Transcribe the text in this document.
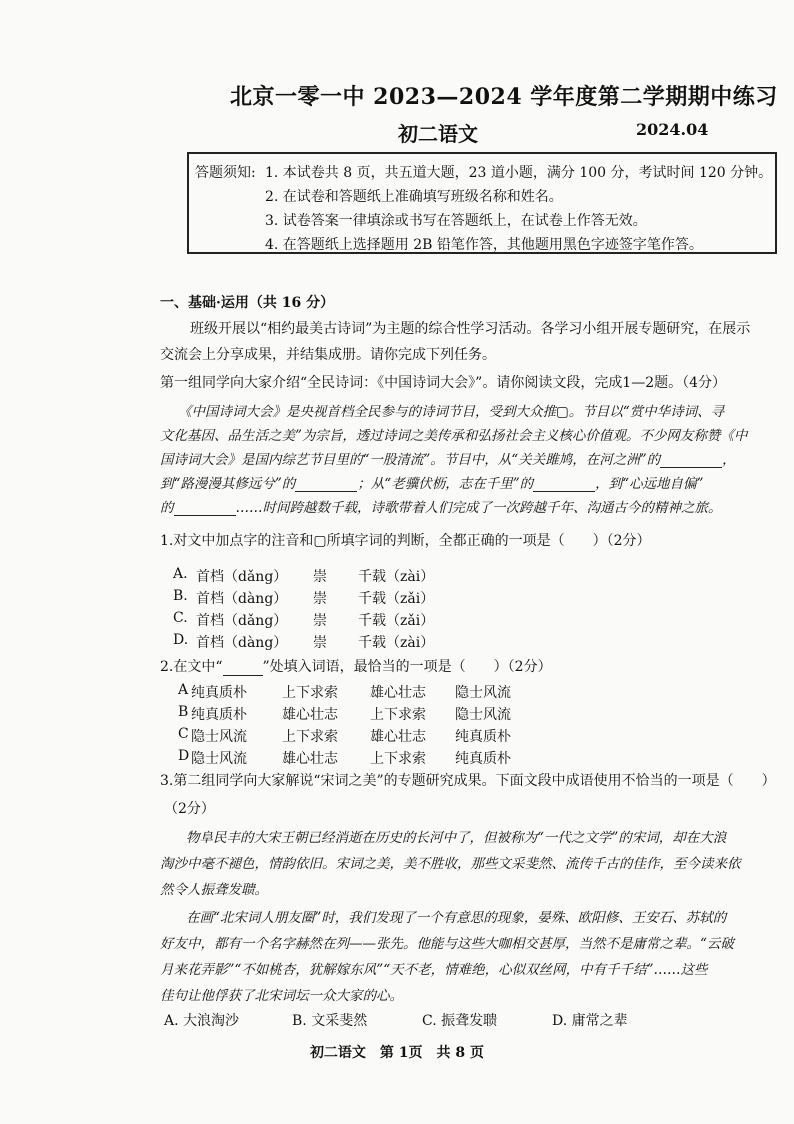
北京一零一中 2023—2024 学年度第二学期期中练习
初二语文	2024.04
答题须知: 1. 本试卷共 8 页，共五道大题，23 道小题，满分 100 分，考试时间 120 分钟。
2. 在试卷和答题纸上准确填写班级名称和姓名。
3. 试卷答案一律填涂或书写在答题纸上，在试卷上作答无效。
4. 在答题纸上选择题用 2B 铅笔作答，其他题用黑色字迹签字笔作答。
一、基础·运用（共 16 分）
班级开展以“相约最美古诗词”为主题的综合性学习活动。各学习小组开展专题研究，在展示
交流会上分享成果，并结集成册。请你完成下列任务。
第一组同学向大家介绍“全民诗词：《中国诗词大会》”。请你阅读文段，完成1—2题。（4分）
《中国诗词大会》是央视首档全民参与的诗词节目，受到大众推▢。节目以“赏中华诗词、寻
文化基因、品生活之美”为宗旨，透过诗词之美传承和弘扬社会主义核心价值观。不少网友称赞《中
国诗词大会》是国内综艺节目里的“一股清流”。节目中，从“关关雎鸠，在河之洲”的	，
到“路漫漫其修远兮”的	；从“老骥伏枥，志在千里”的	，到“心远地自偏”
的	……时间跨越数千载，诗歌带着人们完成了一次跨越千年、沟通古今的精神之旅。
1.对文中加点字的注音和▢所填字词的判断，全都正确的一项是（　　）（2分）
A. 首档（dǎng） 崇 千载（zài）
B. 首档（dàng） 崇 千载（zǎi）
C. 首档（dǎng） 崇 千载（zǎi）
D. 首档（dàng） 崇 千载（zài）
2.在文中“	”处填入词语，最恰当的一项是（　　）（2分）
A 纯真质朴	上下求索 雄心壮志 隐士风流
B 纯真质朴	雄心壮志 上下求索 隐士风流
C 隐士风流	上下求索 雄心壮志 纯真质朴
D 隐士风流	雄心壮志 上下求索 纯真质朴
3.第二组同学向大家解说“宋词之美”的专题研究成果。下面文段中成语使用不恰当的一项是（　　）
（2分）
物阜民丰的大宋王朝已经消逝在历史的长河中了，但被称为“一代之文学”的宋词，却在大浪
淘沙中毫不褪色，情韵依旧。宋词之美，美不胜收，那些文采斐然、流传千古的佳作，至今读来依
然令人振聋发聩。
在画“北宋词人朋友圈”时，我们发现了一个有意思的现象，晏殊、欧阳修、王安石、苏轼的
好友中，都有一个名字赫然在列——张先。他能与这些大咖相交甚厚，当然不是庸常之辈。“云破
月来花弄影”“不如桃杏，犹解嫁东风”“天不老，情难绝，心似双丝网，中有千千结”……这些
佳句让他俘获了北宋词坛一众大家的心。
A. 大浪淘沙	B. 文采斐然	C. 振聋发聩	D. 庸常之辈
初二语文　第 1页　共 8 页
